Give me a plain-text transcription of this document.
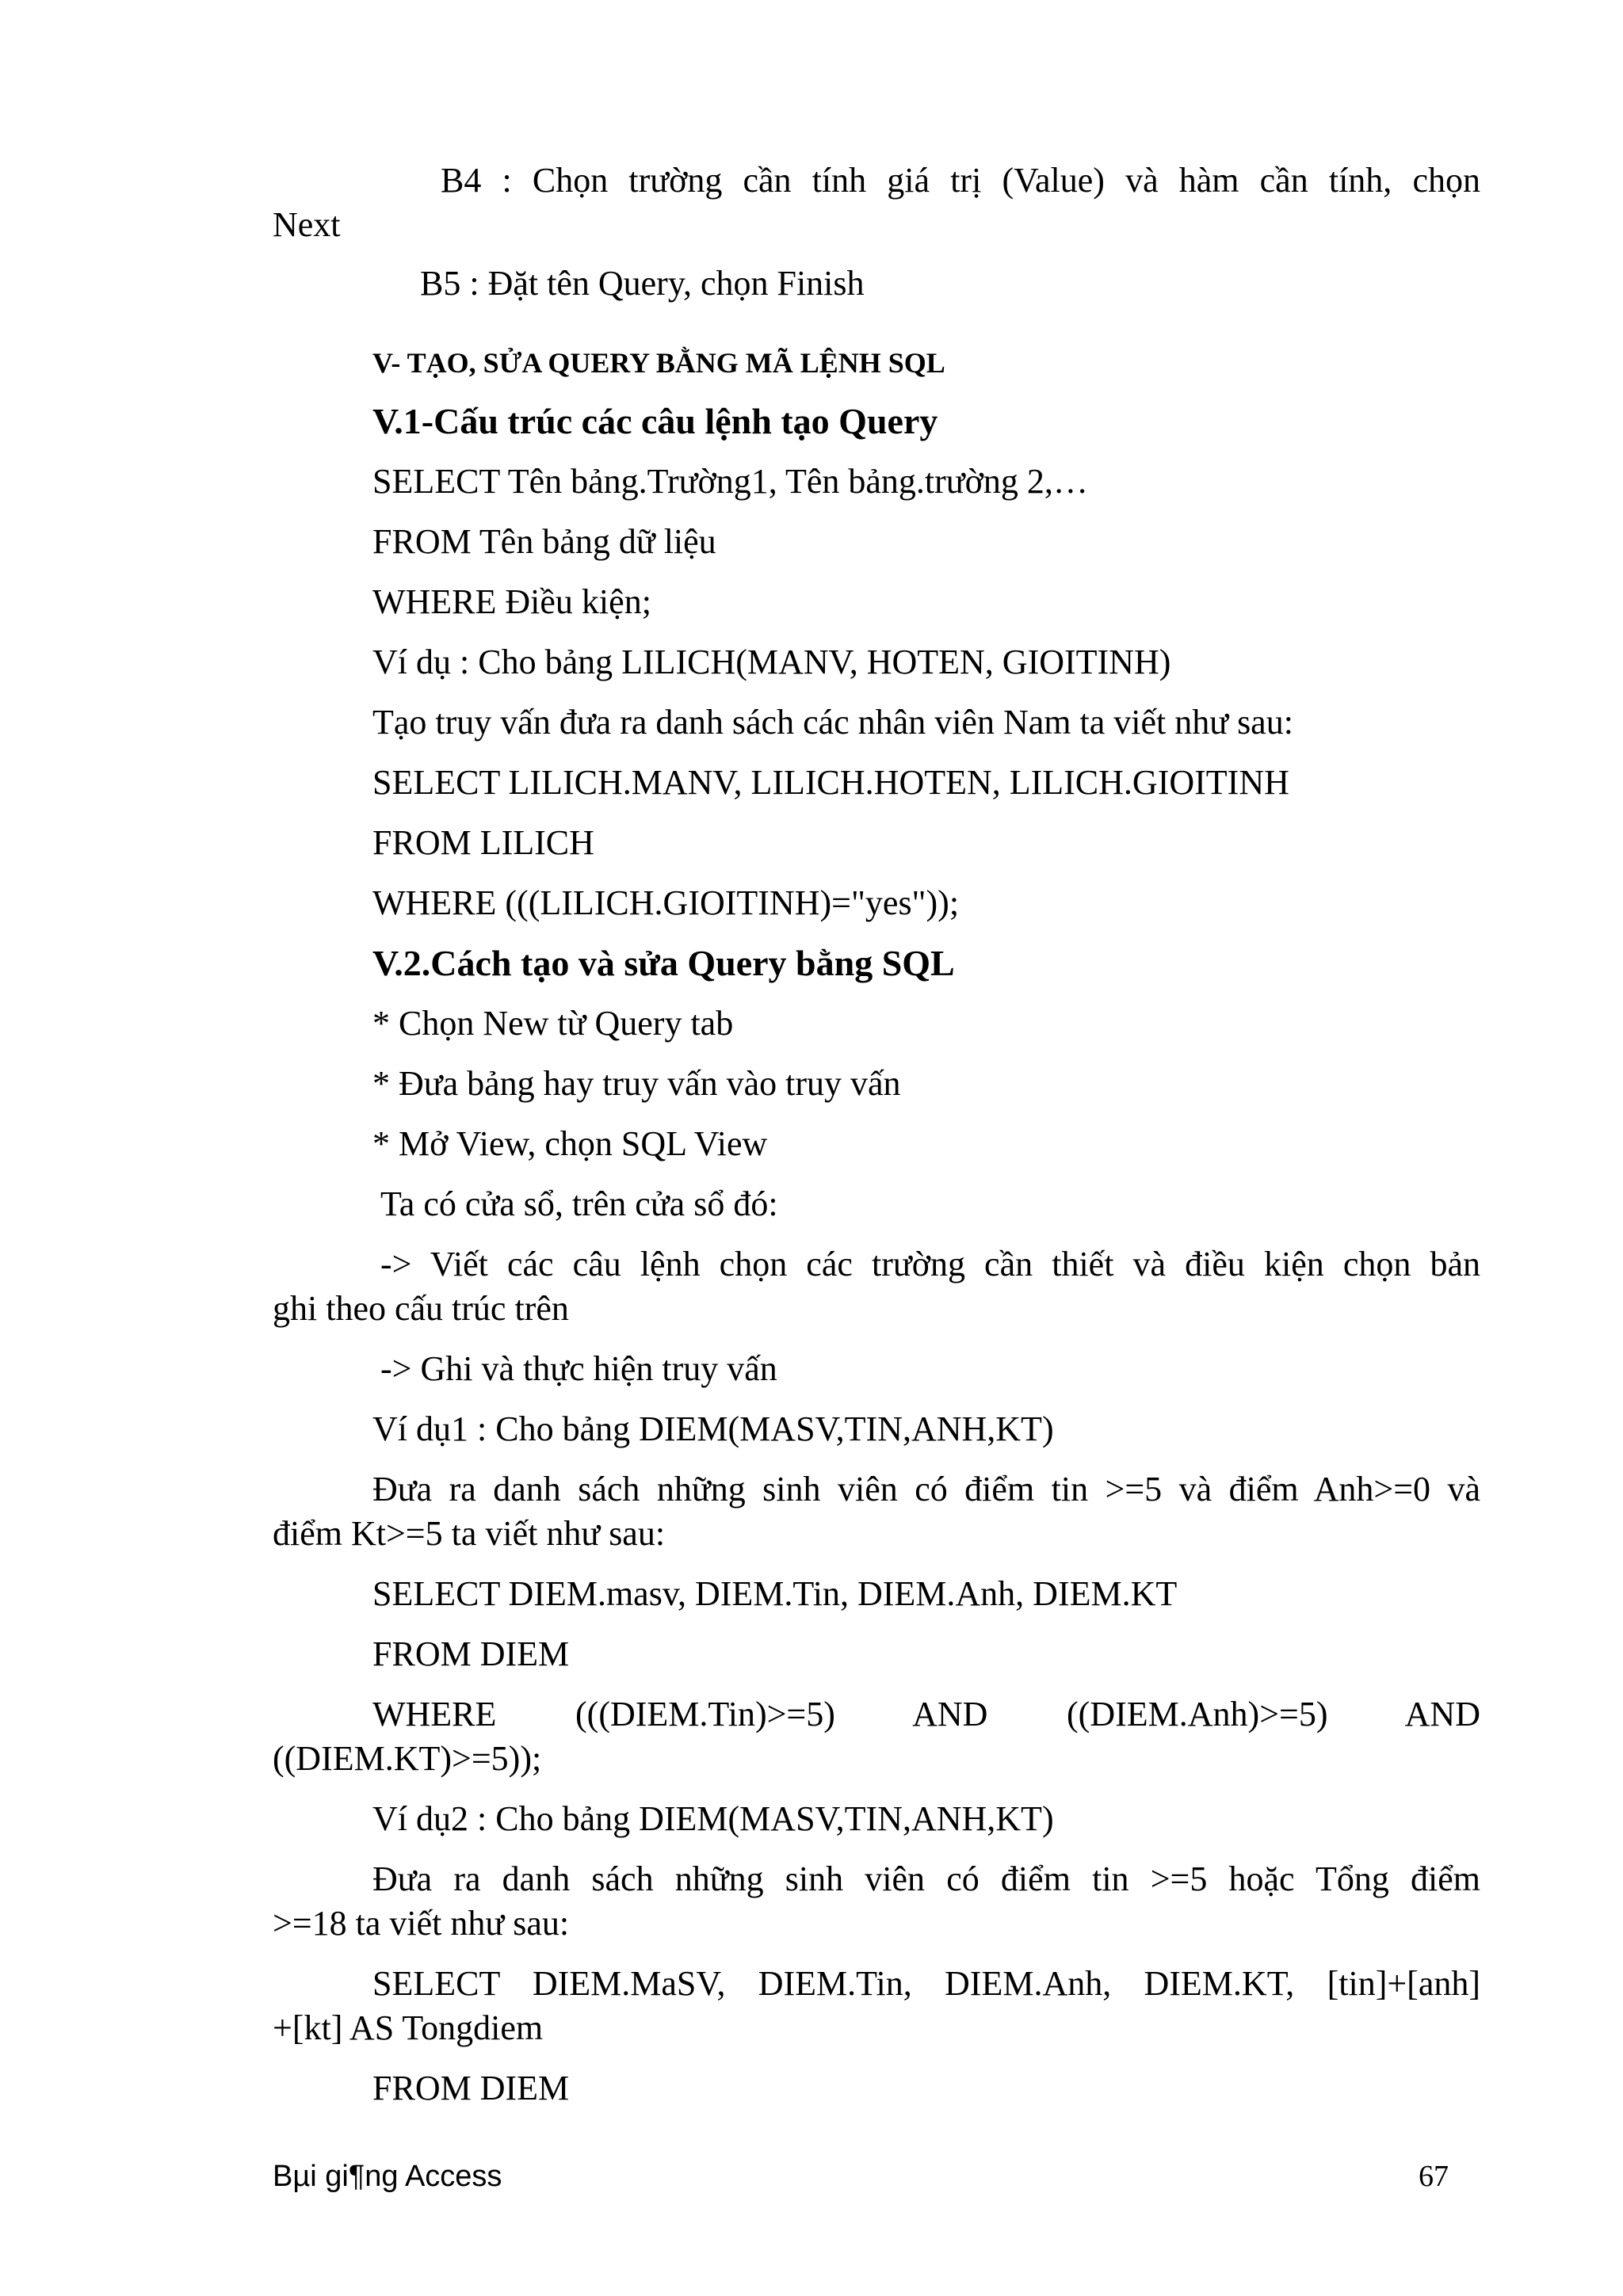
B4 : Chọn trường cần tính giá trị (Value) và hàm cần tính, chọn
Next
B5 : Đặt tên Query, chọn Finish
V- TẠO, SỬA QUERY BẰNG MÃ LỆNH SQL
V.1-Cấu trúc các câu lệnh tạo Query
SELECT Tên bảng.Trường1, Tên bảng.trường 2,…
FROM Tên bảng dữ liệu
WHERE Điều kiện;
Ví dụ : Cho bảng LILICH(MANV, HOTEN, GIOITINH)
Tạo truy vấn đưa ra danh sách các nhân viên Nam ta viết như sau:
SELECT LILICH.MANV, LILICH.HOTEN, LILICH.GIOITINH
FROM LILICH
WHERE (((LILICH.GIOITINH)="yes"));
V.2.Cách tạo và sửa Query bằng SQL
* Chọn New từ Query tab
* Đưa bảng hay truy vấn vào truy vấn
* Mở View, chọn SQL View
Ta có cửa sổ, trên cửa sổ đó:
-> Viết các câu lệnh chọn các trường cần thiết và điều kiện chọn bản
ghi theo cấu trúc trên
-> Ghi và thực hiện truy vấn
Ví dụ1 : Cho bảng DIEM(MASV,TIN,ANH,KT)
Đưa ra danh sách những sinh viên có điểm tin >=5 và điểm Anh>=0 và
điểm Kt>=5 ta viết như sau:
SELECT DIEM.masv, DIEM.Tin, DIEM.Anh, DIEM.KT
FROM DIEM
WHERE (((DIEM.Tin)>=5) AND ((DIEM.Anh)>=5) AND
((DIEM.KT)>=5));
Ví dụ2 : Cho bảng DIEM(MASV,TIN,ANH,KT)
Đưa ra danh sách những sinh viên có điểm tin >=5 hoặc Tổng điểm
>=18 ta viết như sau:
SELECT DIEM.MaSV, DIEM.Tin, DIEM.Anh, DIEM.KT, [tin]+[anh]
+[kt] AS Tongdiem
FROM DIEM
Bµi gi¶ng Access	67
